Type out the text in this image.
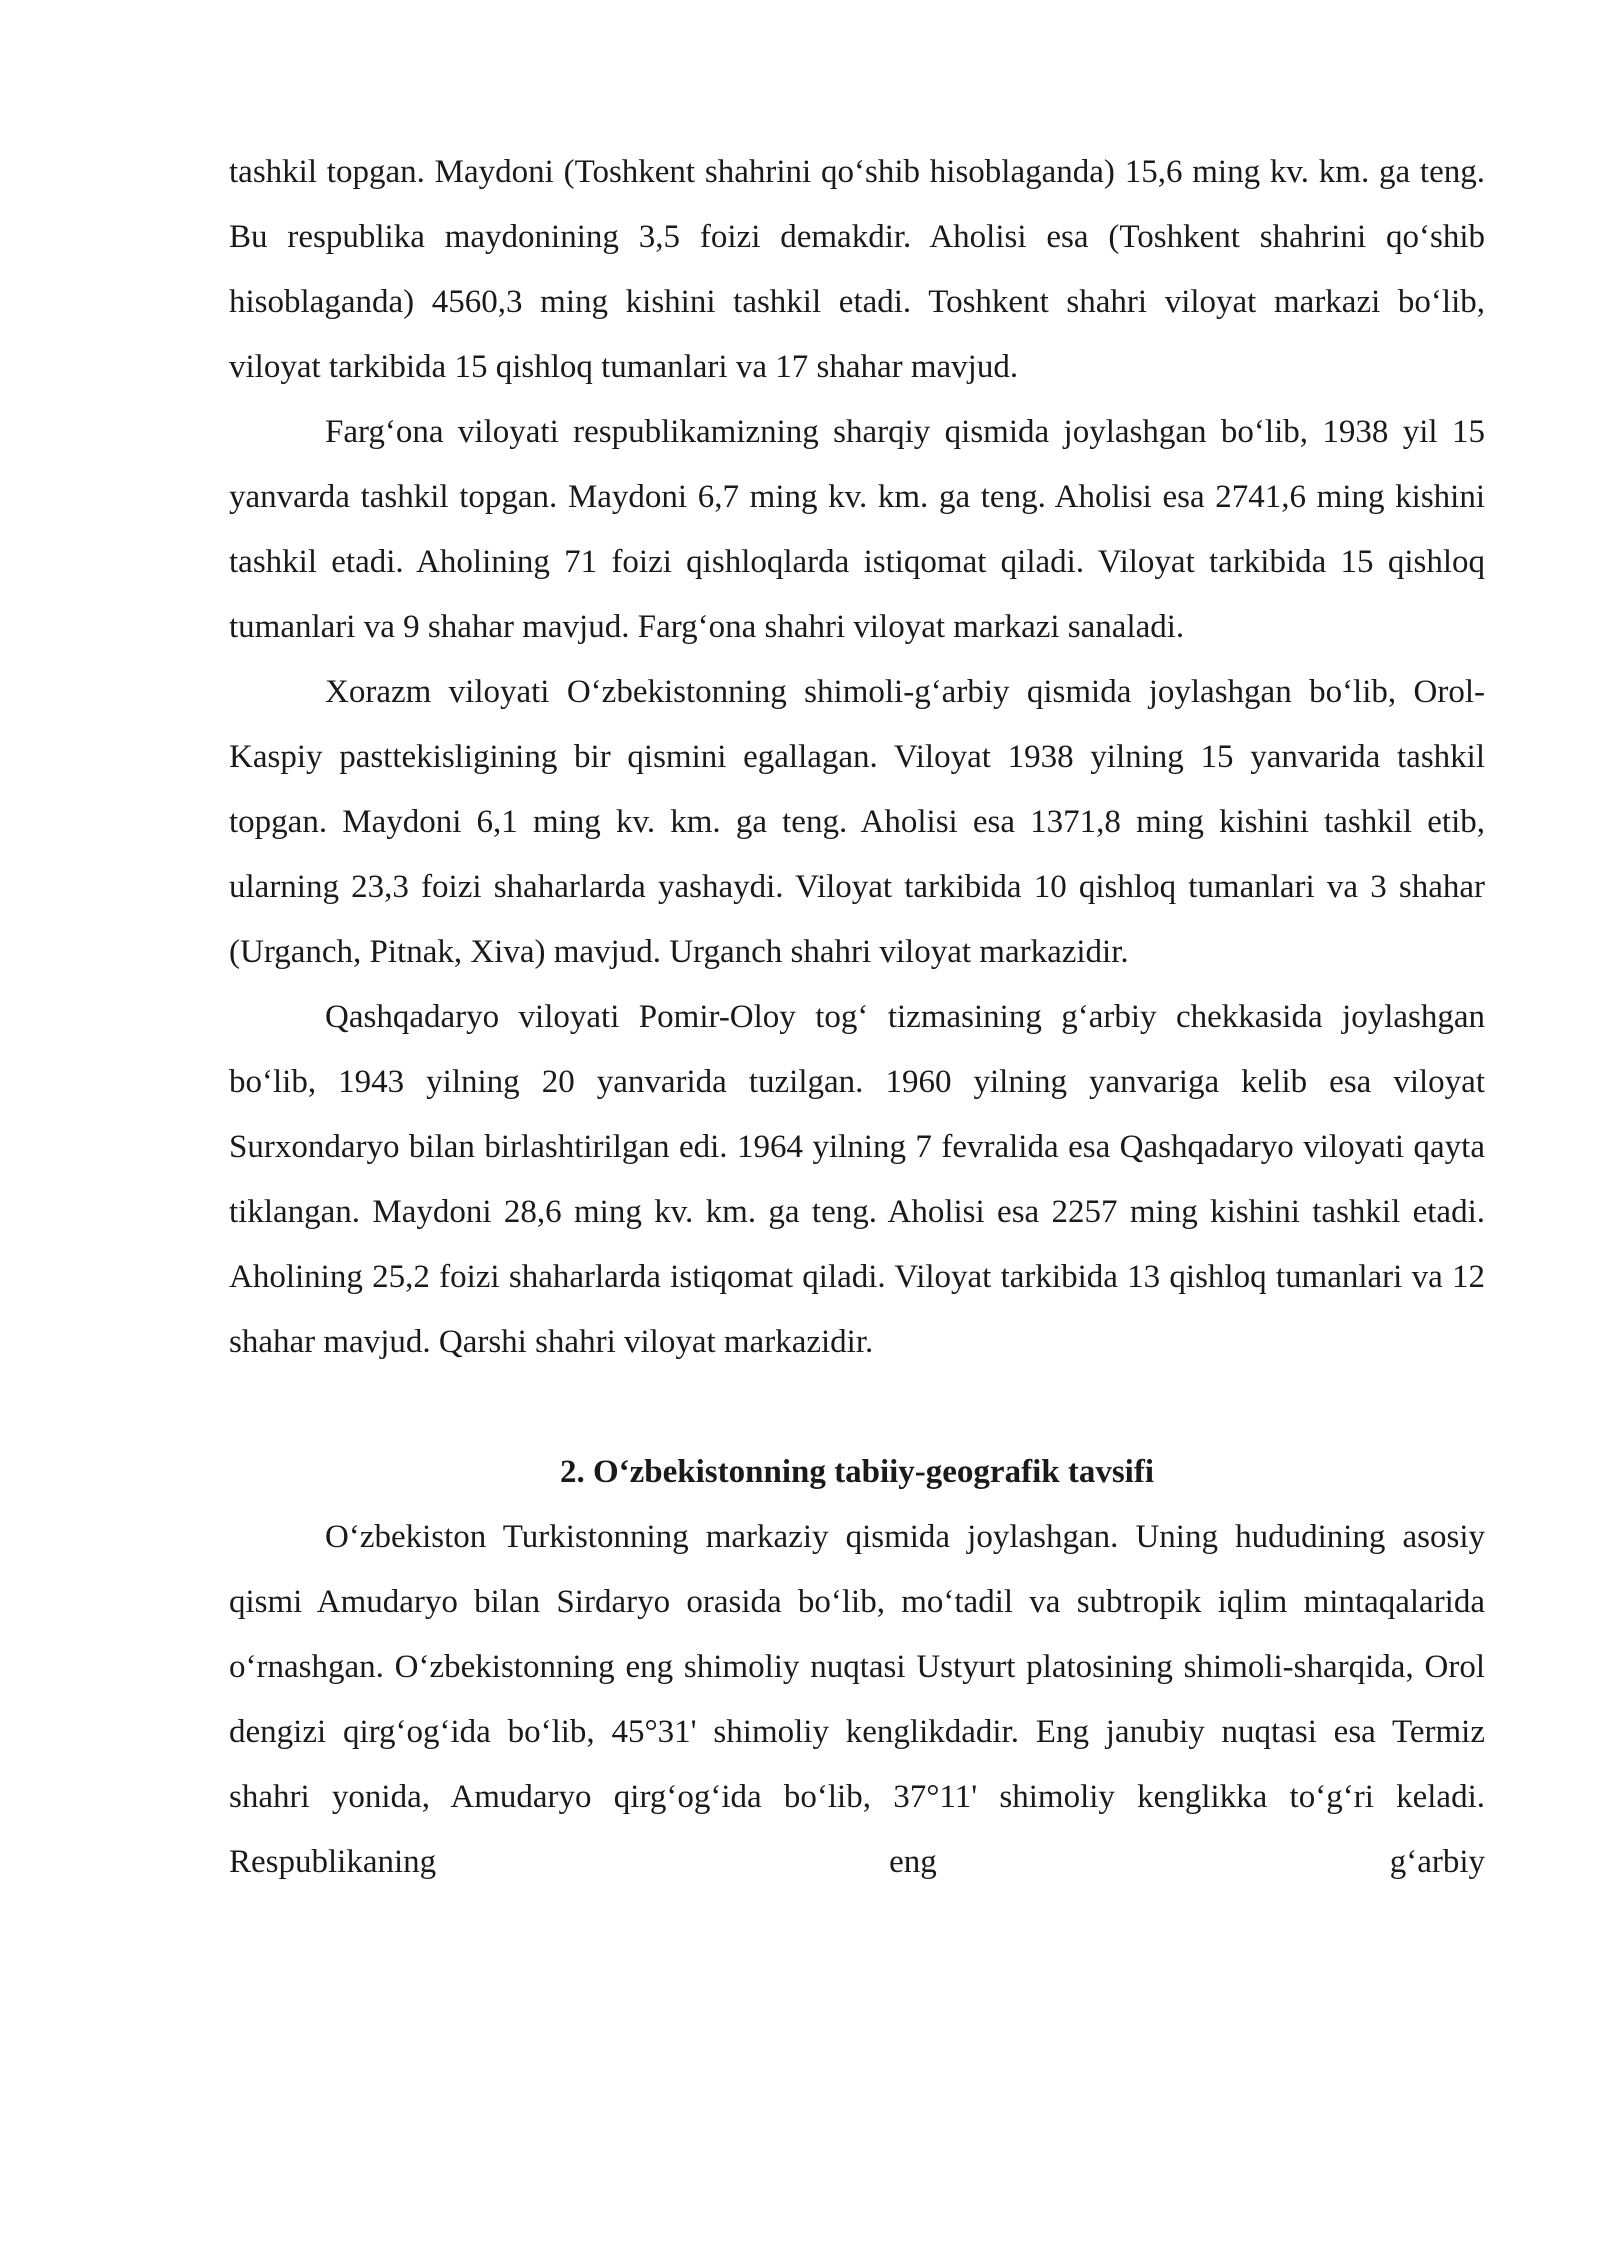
tashkil topgan. Maydoni (Toshkent shahrini qo‘shib hisoblaganda) 15,6 ming kv. km. ga teng. Bu respublika maydonining 3,5 foizi demakdir. Aholisi esa (Toshkent shahrini qo‘shib hisoblaganda) 4560,3 ming kishini tashkil etadi. Toshkent shahri viloyat markazi bo‘lib, viloyat tarkibida 15 qishloq tumanlari va 17 shahar mavjud.

Farg‘ona viloyati respublikamizning sharqiy qismida joylashgan bo‘lib, 1938 yil 15 yanvarda tashkil topgan. Maydoni 6,7 ming kv. km. ga teng. Aholisi esa 2741,6 ming kishini tashkil etadi. Aholining 71 foizi qishloqlarda istiqomat qiladi. Viloyat tarkibida 15 qishloq tumanlari va 9 shahar mavjud. Farg‘ona shahri viloyat markazi sanaladi.

Xorazm viloyati O‘zbekistonning shimoli-g‘arbiy qismida joylashgan bo‘lib, Orol-Kaspiy pasttekisligining bir qismini egallagan. Viloyat 1938 yilning 15 yanvarida tashkil topgan. Maydoni 6,1 ming kv. km. ga teng. Aholisi esa 1371,8 ming kishini tashkil etib, ularning 23,3 foizi shaharlarda yashaydi. Viloyat tarkibida 10 qishloq tumanlari va 3 shahar (Urganch, Pitnak, Xiva) mavjud. Urganch shahri viloyat markazidir.

Qashqadaryo viloyati Pomir-Oloy tog‘ tizmasining g‘arbiy chekkasida joylashgan bo‘lib, 1943 yilning 20 yanvarida tuzilgan. 1960 yilning yanvariga kelib esa viloyat Surxondaryo bilan birlashtirilgan edi. 1964 yilning 7 fevralida esa Qashqadaryo viloyati qayta tiklangan. Maydoni 28,6 ming kv. km. ga teng. Aholisi esa 2257 ming kishini tashkil etadi. Aholining 25,2 foizi shaharlarda istiqomat qiladi. Viloyat tarkibida 13 qishloq tumanlari va 12 shahar mavjud. Qarshi shahri viloyat markazidir.

2. O‘zbekistonning tabiiy-geografik tavsifi

O‘zbekiston Turkistonning markaziy qismida joylashgan. Uning hududining asosiy qismi Amudaryo bilan Sirdaryo orasida bo‘lib, mo‘tadil va subtropik iqlim mintaqalarida o‘rnashgan. O‘zbekistonning eng shimoliy nuqtasi Ustyurt platosining shimoli-sharqida, Orol dengizi qirg‘og‘ida bo‘lib, 45°31' shimoliy kenglikdadir. Eng janubiy nuqtasi esa Termiz shahri yonida, Amudaryo qirg‘og‘ida bo‘lib, 37°11' shimoliy kenglikka to‘g‘ri keladi. Respublikaning eng g‘arbiy
